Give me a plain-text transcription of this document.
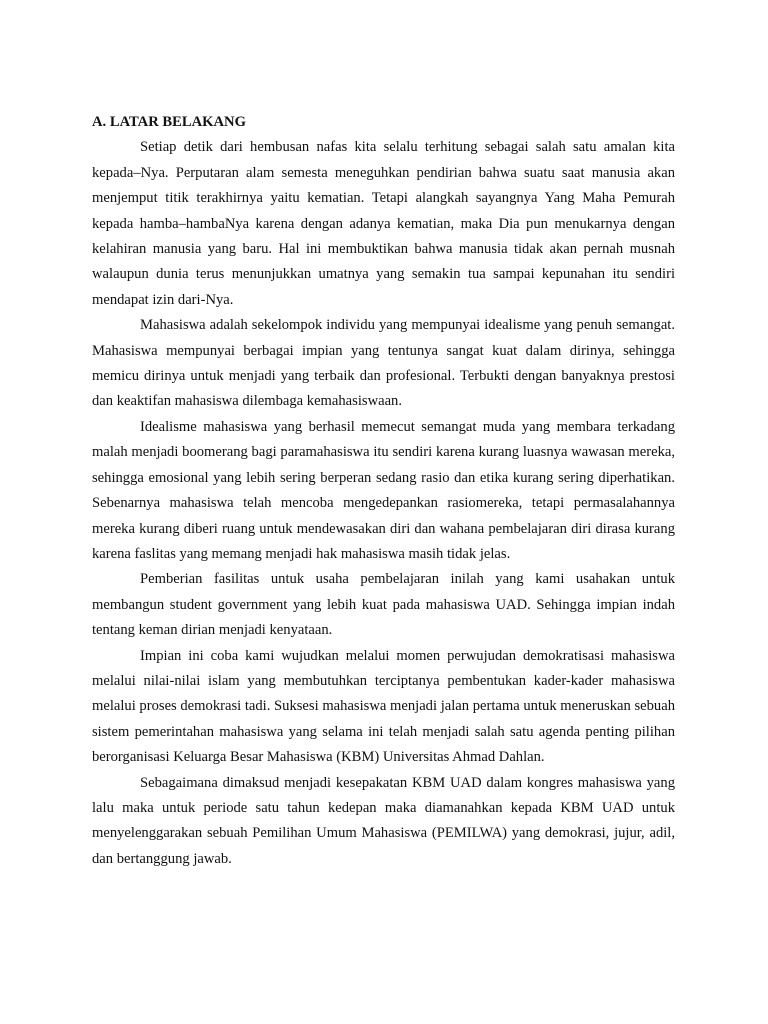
A. LATAR BELAKANG

Setiap detik dari hembusan nafas kita selalu terhitung sebagai salah satu amalan kita kepada–Nya. Perputaran alam semesta meneguhkan pendirian bahwa suatu saat manusia akan menjemput titik terakhirnya yaitu kematian. Tetapi alangkah sayangnya Yang Maha Pemurah kepada hamba–hambaNya karena dengan adanya kematian, maka Dia pun menukarnya dengan kelahiran manusia yang baru. Hal ini membuktikan bahwa manusia tidak akan pernah musnah walaupun dunia terus menunjukkan umatnya yang semakin tua sampai kepunahan itu sendiri mendapat izin dari-Nya.

Mahasiswa adalah sekelompok individu yang mempunyai idealisme yang penuh semangat. Mahasiswa mempunyai berbagai impian yang tentunya sangat kuat dalam dirinya, sehingga memicu dirinya untuk menjadi yang terbaik dan profesional. Terbukti dengan banyaknya prestosi dan keaktifan mahasiswa dilembaga kemahasiswaan.

Idealisme mahasiswa yang berhasil memecut semangat muda yang membara terkadang malah menjadi boomerang bagi paramahasiswa itu sendiri karena kurang luasnya wawasan mereka, sehingga emosional yang lebih sering berperan sedang rasio dan etika kurang sering diperhatikan. Sebenarnya mahasiswa telah mencoba mengedepankan rasiomereka, tetapi permasalahannya mereka kurang diberi ruang untuk mendewasakan diri dan wahana pembelajaran diri dirasa kurang karena faslitas yang memang menjadi hak mahasiswa masih tidak jelas.

Pemberian fasilitas untuk usaha pembelajaran inilah yang kami usahakan untuk membangun student government yang lebih kuat pada mahasiswa UAD. Sehingga impian indah tentang keman dirian menjadi kenyataan.

Impian ini coba kami wujudkan melalui momen perwujudan demokratisasi mahasiswa melalui nilai-nilai islam yang membutuhkan terciptanya pembentukan kader-kader mahasiswa melalui proses demokrasi tadi. Suksesi mahasiswa menjadi jalan pertama untuk meneruskan sebuah sistem pemerintahan mahasiswa yang selama ini telah menjadi salah satu agenda penting pilihan berorganisasi Keluarga Besar Mahasiswa (KBM) Universitas Ahmad Dahlan.

Sebagaimana dimaksud menjadi kesepakatan KBM UAD dalam kongres mahasiswa yang lalu maka untuk periode satu tahun kedepan maka diamanahkan kepada KBM UAD untuk menyelenggarakan sebuah Pemilihan Umum Mahasiswa (PEMILWA) yang demokrasi, jujur, adil, dan bertanggung jawab.
